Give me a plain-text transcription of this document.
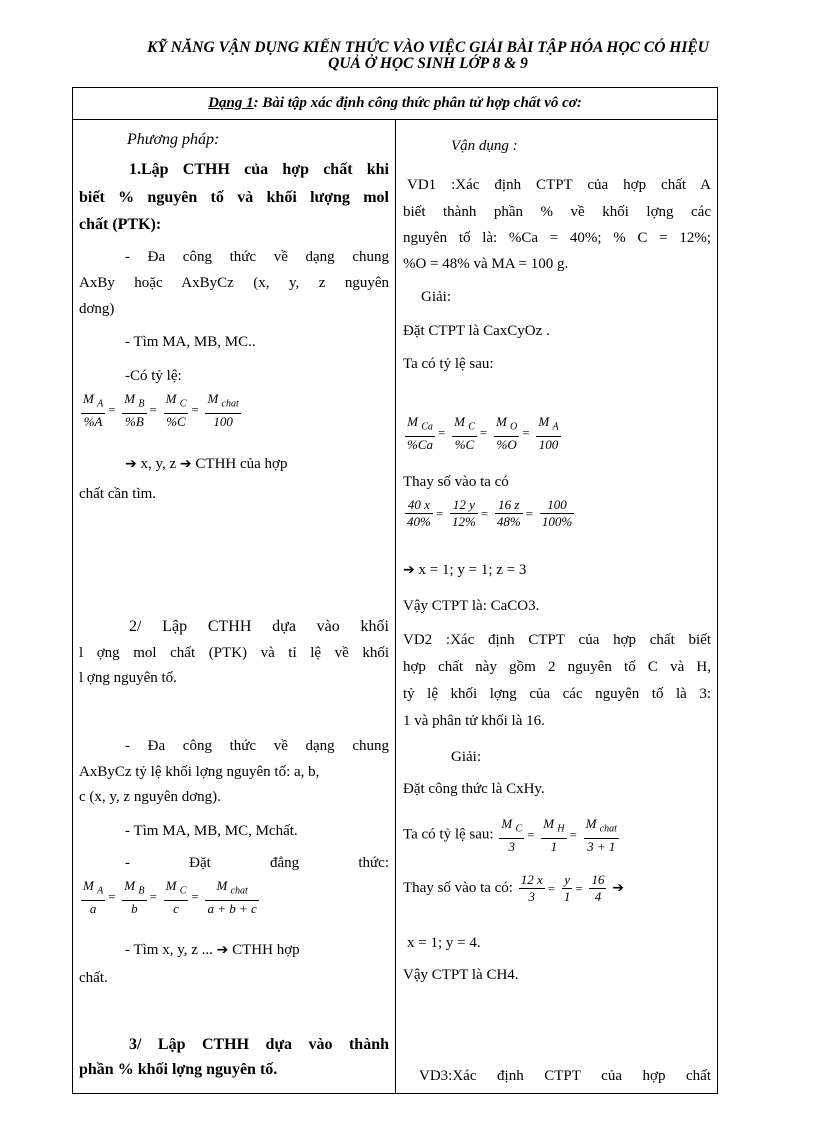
KỸ NĂNG VẬN DỤNG KIẾN THỨC VÀO VIỆC GIẢI BÀI TẬP HÓA HỌC CÓ HIỆU
QUẢ Ở HỌC SINH LỚP 8 & 9
Dạng 1: Bài tập xác định công thức phân tử hợp chất vô cơ:
Phương pháp:
1.Lập CTHH của hợp chất khi
biết % nguyên tố và khối lượng mol
chất (PTK):
- Đa công thức về dạng chung
AxBy hoặc AxByCz (x, y, z nguyên
dơng)
- Tìm MA, MB, MC..
-Có tỷ lệ:
$\frac{M _A}{\%A} = \frac{M _B}{\%B} = \frac{M _C}{\%C} = \frac{M _{chat}}{100}$
➔ x, y, z ➔ CTHH của hợp
chất cần tìm.
2/ Lập CTHH dựa vào khối
l ợng mol chất (PTK) và tỉ lệ về khối
l ợng nguyên tố.
- Đa công thức về dạng chung
AxByCz tỷ lệ khối lợng nguyên tố: a, b,
c (x, y, z nguyên dơng).
- Tìm MA, MB, MC, Mchất.
- Đặt đẳng thức:
$\frac{M _A}{a} = \frac{M _B}{b} = \frac{M _C}{c} = \frac{M _{chat}}{a + b + c}$
- Tìm x, y, z ... ➔ CTHH hợp
chất.
3/ Lập CTHH dựa vào thành
phần % khối lợng nguyên tố.
Vận dụng :
VD1 :Xác định CTPT của hợp chất A
biết thành phần % về khối lợng các
nguyên tố là: %Ca = 40%; % C = 12%;
%O = 48% và MA = 100 g.
Giải:
Đặt CTPT là CaxCyOz .
Ta có tỷ lệ sau:
$\frac{M _{Ca}}{\%Ca} = \frac{M _C}{\%C} = \frac{M _O}{\%O} = \frac{M _A}{100}$
Thay số vào ta có
$\frac{40 x}{40\%} = \frac{12 y}{12\%} = \frac{16 z}{48\%} = \frac{100}{100\%}$
➔ x = 1; y = 1; z = 3
Vậy CTPT là: CaCO3.
VD2 :Xác định CTPT của hợp chất biết
hợp chất này gồm 2 nguyên tố C và H,
tỷ lệ khối lợng của các nguyên tố là 3:
1 và phân tử khối là 16.
Giải:
Đặt công thức là CxHy.
Ta có tỷ lệ sau: $\frac{M _C}{3} = \frac{M _H}{1} = \frac{M _{chat}}{3 + 1}$
Thay số vào ta có: $\frac{12 x}{3} = \frac{y}{1} = \frac{16}{4}$ ➔
x = 1; y = 4.
Vậy CTPT là CH4.
VD3:Xác định CTPT của hợp chất
